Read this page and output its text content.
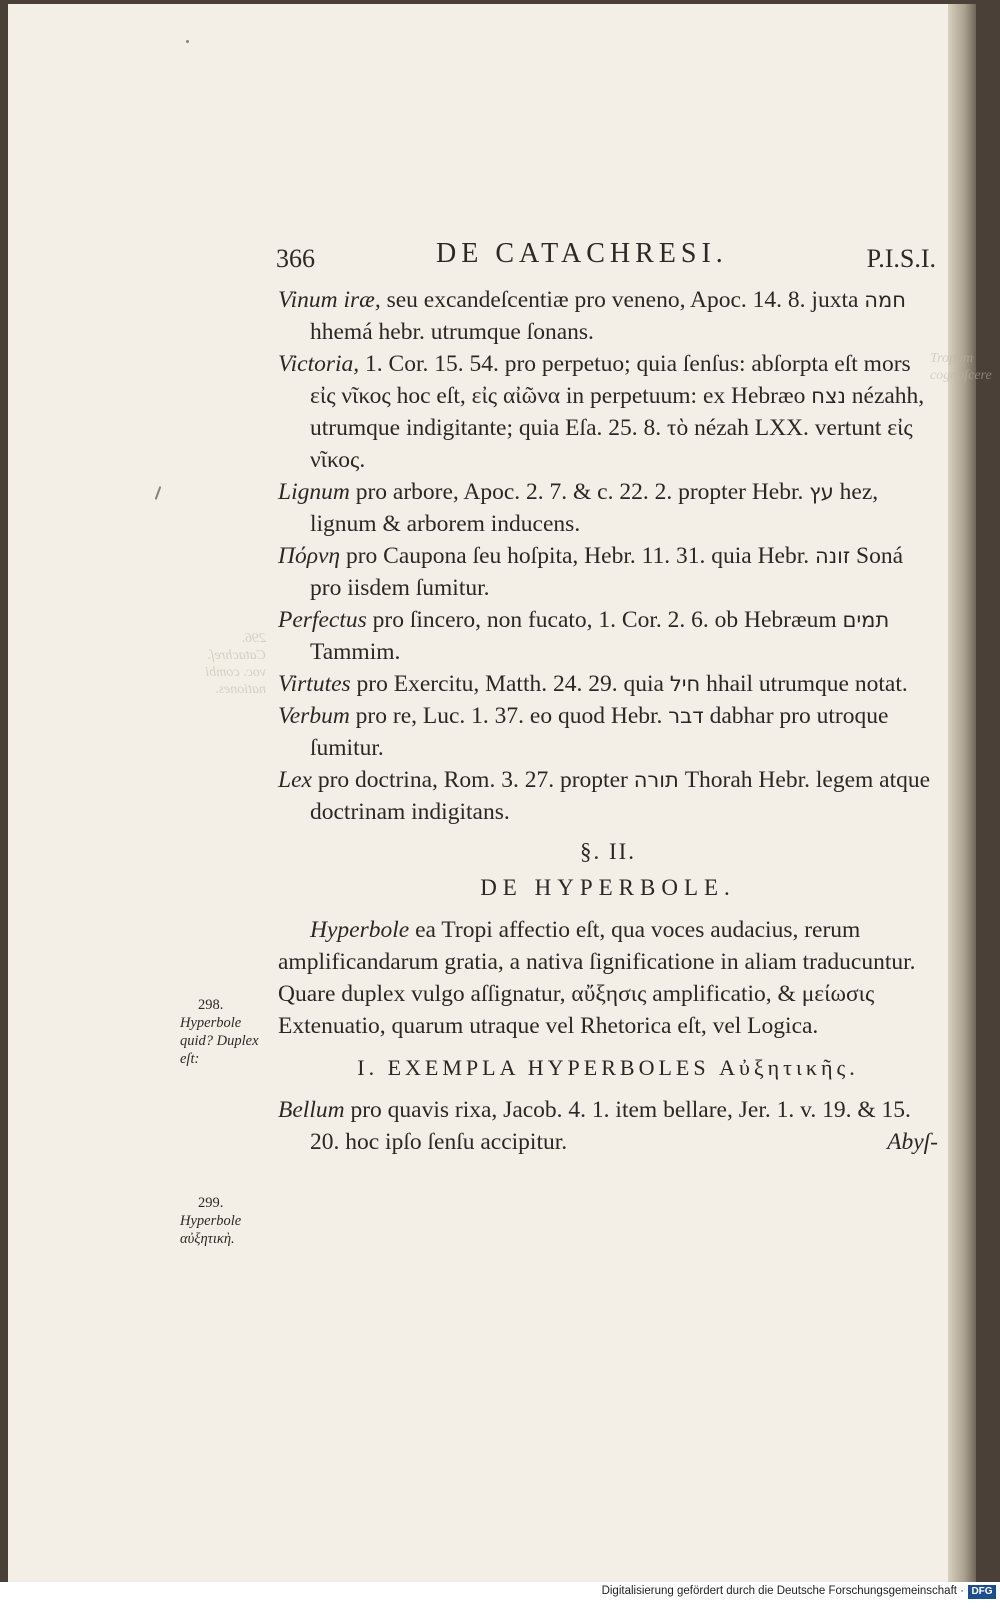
Tropum
cognoſcere
296.
Catachreſ.
voc. combi
nationes.
366	DE CATACHRESI.	P.I.S.I.

Vinum iræ, seu excandeſcentiæ pro veneno, Apoc. 14. 8. juxta חמה hhemá hebr. utrumque ſonans.

Victoria, 1. Cor. 15. 54. pro perpetuo; quia ſenſus: abſorpta eſt mors εἰς νῖκος hoc eſt, εἰς αἰῶνα in perpetuum: ex Hebræo נצח nézahh, utrumque indigitante; quia Eſa. 25. 8. τὸ nézah LXX. vertunt εἰς νῖκος.

Lignum pro arbore, Apoc. 2. 7. & c. 22. 2. propter Hebr. עץ hez, lignum & arborem inducens.

Πόρνη pro Caupona ſeu hoſpita, Hebr. 11. 31. quia Hebr. זונה Soná pro iisdem ſumitur.

Perfectus pro ſincero, non fucato, 1. Cor. 2. 6. ob Hebræum תמים Tammim.

Virtutes pro Exercitu, Matth. 24. 29. quia חיל hhail utrumque notat.

Verbum pro re, Luc. 1. 37. eo quod Hebr. דבר dabhar pro utroque ſumitur.

Lex pro doctrina, Rom. 3. 27. propter תורה Thorah Hebr. legem atque doctrinam indigitans.

§. II.
DE HYPERBOLE.

Hyperbole ea Tropi affectio eſt, qua voces audacius, rerum amplificandarum gratia, a nativa ſignificatione in aliam traducuntur. Quare duplex vulgo aſſignatur, αὔξησις amplificatio, & μείωσις Extenuatio, quarum utraque vel Rhetorica eſt, vel Logica.

I. EXEMPLA HYPERBOLES Αὐξητικῆς.

Bellum pro quavis rixa, Jacob. 4. 1. item bellare, Jer. 1. v. 19. & 15. 20. hoc ipſo ſenſu accipitur.	Abyſ-
298.
Hyperbole quid? Duplex eſt:
299.
Hyperbole αὐξητικὴ.
Digitalisierung gefördert durch die Deutsche Forschungsgemeinschaft · DFG
